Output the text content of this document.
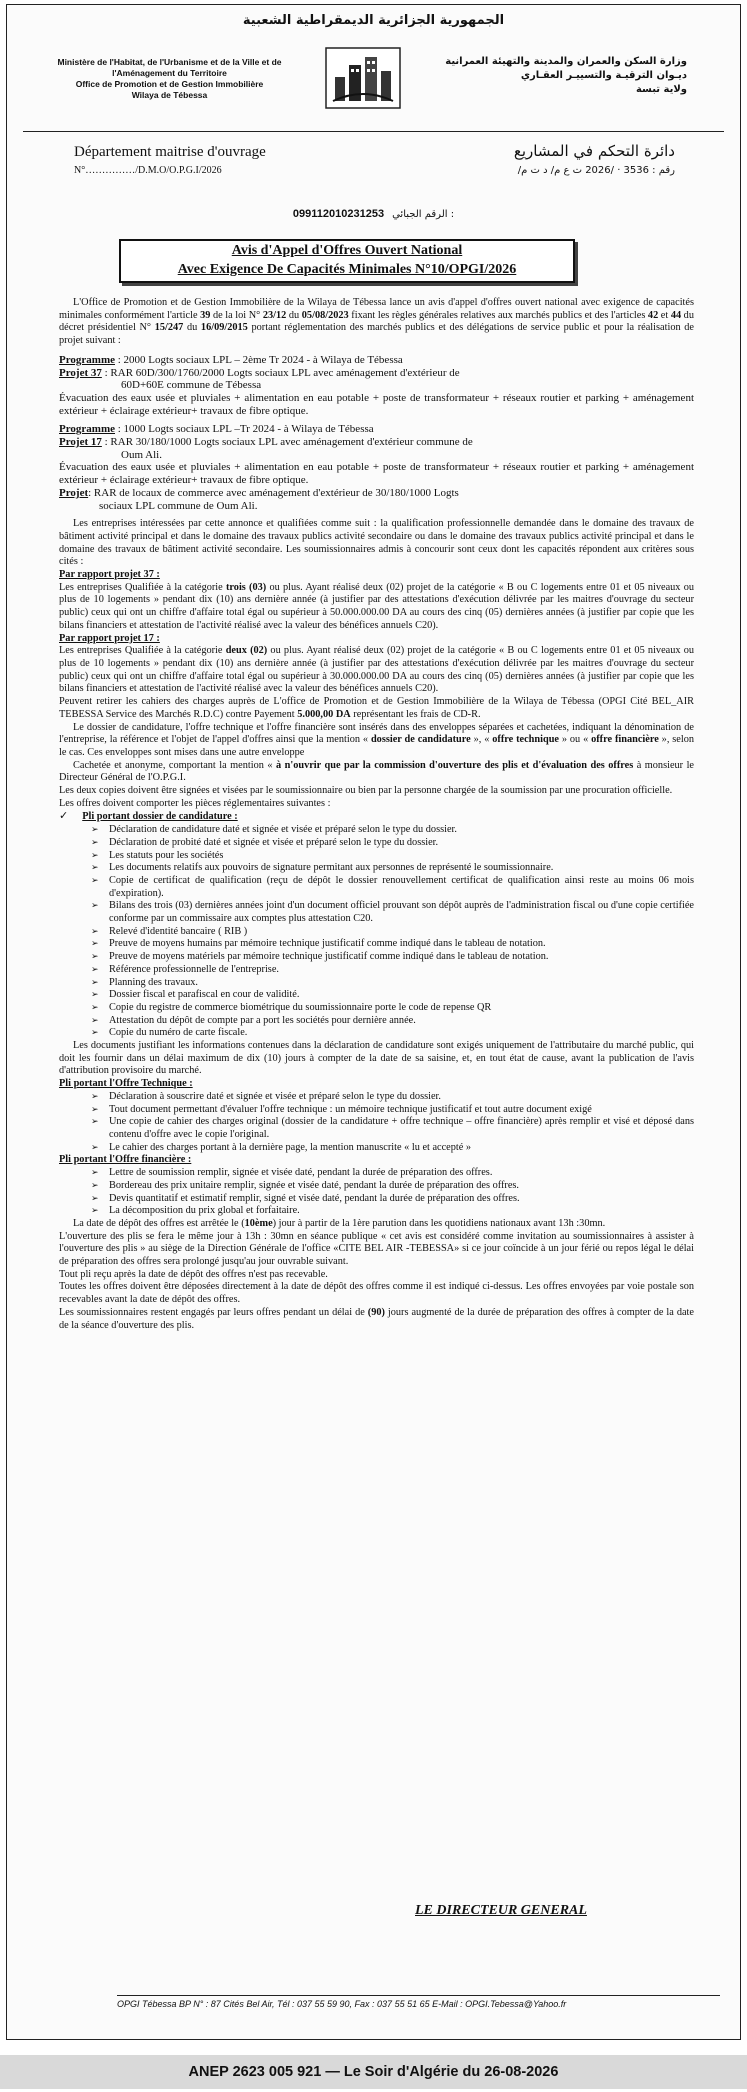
الجمهورية الجزائرية الديمقراطية الشعبية
Ministère de l'Habitat, de l'Urbanisme et de la Ville et de
l'Aménagement du Territoire
Office de Promotion et de Gestion Immobilière
Wilaya de Tébessa
وزارة السكن والعمران والمدينة والتهيئة العمرانية
ديـوان الترقيـة والتسييـر العقـاري
ولاية تبسة
Département maitrise d'ouvrage
N°……………/D.M.O/O.P.G.I/2026
دائرة التحكم في المشاريع
رقم : 3536 · /2026 ت ع م/ د ت م/
099112010231253 الرقم الجبائي :
Avis d'Appel d'Offres Ouvert National
Avec Exigence De Capacités Minimales N°10/OPGI/2026

L'Office de Promotion et de Gestion Immobilière de la Wilaya de Tébessa lance un avis d'appel d'offres ouvert national avec exigence de capacités minimales conformément l'article 39 de la loi N° 23/12 du 05/08/2023 fixant les règles générales relatives aux marchés publics et des l'articles 42 et 44 du décret présidentiel N° 15/247 du 16/09/2015 portant réglementation des marchés publics et des délégations de service public et pour la réalisation de projet suivant :

Programme : 2000 Logts sociaux LPL – 2ème Tr 2024 - à Wilaya de Tébessa

Projet 37 : RAR 60D/300/1760/2000 Logts sociaux LPL avec aménagement d'extérieur de

60D+60E commune de Tébessa

Évacuation des eaux usée et pluviales + alimentation en eau potable + poste de transformateur + réseaux routier et parking + aménagement extérieur + éclairage extérieur+ travaux de fibre optique.

Programme : 1000 Logts sociaux LPL –Tr 2024 - à Wilaya de Tébessa

Projet 17 : RAR 30/180/1000 Logts sociaux LPL avec aménagement d'extérieur commune de

Oum Ali.

Évacuation des eaux usée et pluviales + alimentation en eau potable + poste de transformateur + réseaux routier et parking + aménagement extérieur + éclairage extérieur+ travaux de fibre optique.

Projet: RAR de locaux de commerce avec aménagement d'extérieur de 30/180/1000 Logts

sociaux LPL commune de Oum Ali.

Les entreprises intéressées par cette annonce et qualifiées comme suit : la qualification professionnelle demandée dans le domaine des travaux de bâtiment activité principal et dans le domaine des travaux publics activité secondaire ou dans le domaine des travaux publics activité principal et dans le domaine des travaux de bâtiment activité secondaire. Les soumissionnaires admis à concourir sont ceux dont les capacités répondent aux critères sous cités :

Par rapport projet 37 :

Les entreprises Qualifiée à la catégorie trois (03) ou plus. Ayant réalisé deux (02) projet de la catégorie « B ou C logements entre 01 et 05 niveaux ou plus de 10 logements » pendant dix (10) ans dernière année (à justifier par des attestations d'exécution délivrée par les maitres d'ouvrage du secteur public) ceux qui ont un chiffre d'affaire total égal ou supérieur à 50.000.000.00 DA au cours des cinq (05) dernières années (à justifier par copie que les bilans financiers et attestation de l'activité réalisé avec la valeur des bénéfices annuels C20).

Par rapport projet 17 :

Les entreprises Qualifiée à la catégorie deux (02) ou plus. Ayant réalisé deux (02) projet de la catégorie « B ou C logements entre 01 et 05 niveaux ou plus de 10 logements » pendant dix (10) ans dernière année (à justifier par des attestations d'exécution délivrée par les maitres d'ouvrage du secteur public) ceux qui ont un chiffre d'affaire total égal ou supérieur à 30.000.000.00 DA au cours des cinq (05) dernières années (à justifier par copie que les bilans financiers et attestation de l'activité réalisé avec la valeur des bénéfices annuels C20).

Peuvent retirer les cahiers des charges auprès de L'office de Promotion et de Gestion Immobilière de la Wilaya de Tébessa (OPGI Cité BEL_AIR TEBESSA Service des Marchés R.D.C) contre Payement 5.000,00 DA représentant les frais de CD-R.

Le dossier de candidature, l'offre technique et l'offre financière sont insérés dans des enveloppes séparées et cachetées, indiquant la dénomination de l'entreprise, la référence et l'objet de l'appel d'offres ainsi que la mention « dossier de candidature », « offre technique » ou « offre financière », selon le cas. Ces enveloppes sont mises dans une autre enveloppe

Cachetée et anonyme, comportant la mention « à n'ouvrir que par la commission d'ouverture des plis et d'évaluation des offres à monsieur le Directeur Général de l'O.P.G.I.

Les deux copies doivent être signées et visées par le soumissionnaire ou bien par la personne chargée de la soumission par une procuration officielle.

Les offres doivent comporter les pièces réglementaires suivantes :

✓ Pli portant dossier de candidature :

➢ Déclaration de candidature daté et signée et visée et préparé selon le type du dossier.
➢ Déclaration de probité daté et signée et visée et préparé selon le type du dossier.
➢ Les statuts pour les sociétés
➢ Les documents relatifs aux pouvoirs de signature permitant aux personnes de représenté le soumissionnaire.
➢ Copie de certificat de qualification (reçu de dépôt le dossier renouvellement certificat de qualification ainsi reste au moins 06 mois d'expiration).
➢ Bilans des trois (03) dernières années joint d'un document officiel prouvant son dépôt auprès de l'administration fiscal ou d'une copie certifiée conforme par un commissaire aux comptes plus attestation C20.
➢ Relevé d'identité bancaire ( RIB )
➢ Preuve de moyens humains par mémoire technique justificatif comme indiqué dans le tableau de notation.
➢ Preuve de moyens matériels par mémoire technique justificatif comme indiqué dans le tableau de notation.
➢ Référence professionnelle de l'entreprise.
➢ Planning des travaux.
➢ Dossier fiscal et parafiscal en cour de validité.
➢ Copie du registre de commerce biométrique du soumissionnaire porte le code de repense QR
➢ Attestation du dépôt de compte par a port les sociétés pour dernière année.
➢ Copie du numéro de carte fiscale.

Les documents justifiant les informations contenues dans la déclaration de candidature sont exigés uniquement de l'attributaire du marché public, qui doit les fournir dans un délai maximum de dix (10) jours à compter de la date de sa saisine, et, en tout état de cause, avant la publication de l'avis d'attribution provisoire du marché.

Pli portant l'Offre Technique :

➢ Déclaration à souscrire daté et signée et visée et préparé selon le type du dossier.
➢ Tout document permettant d'évaluer l'offre technique : un mémoire technique justificatif et tout autre document exigé
➢ Une copie de cahier des charges original (dossier de la candidature + offre technique – offre financière) après remplir et visé et déposé dans contenu d'offre avec le copie l'original.
➢ Le cahier des charges portant à la dernière page, la mention manuscrite « lu et accepté »

Pli portant l'Offre financière :

➢ Lettre de soumission remplir, signée et visée daté, pendant la durée de préparation des offres.
➢ Bordereau des prix unitaire remplir, signée et visée daté, pendant la durée de préparation des offres.
➢ Devis quantitatif et estimatif remplir, signé et visée daté, pendant la durée de préparation des offres.
➢ La décomposition du prix global et forfaitaire.

La date de dépôt des offres est arrêtée le (10ème) jour à partir de la 1ère parution dans les quotidiens nationaux avant 13h :30mn.

L'ouverture des plis se fera le même jour à 13h : 30mn en séance publique « cet avis est considéré comme invitation au soumissionnaires à assister à l'ouverture des plis » au siège de la Direction Générale de l'office «CITE BEL AIR -TEBESSA» si ce jour coïncide à un jour férié ou repos légal le délai de préparation des offres sera prolongé jusqu'au jour ouvrable suivant.

Tout pli reçu après la date de dépôt des offres n'est pas recevable.

Toutes les offres doivent être déposées directement à la date de dépôt des offres comme il est indiqué ci-dessus. Les offres envoyées par voie postale son recevables avant la date de dépôt des offres.

Les soumissionnaires restent engagés par leurs offres pendant un délai de (90) jours augmenté de la durée de préparation des offres à compter de la date de la séance d'ouverture des plis.

LE DIRECTEUR GENERAL
OPGI Tébessa BP N° : 87 Cités Bel Air, Tél : 037 55 59 90, Fax : 037 55 51 65 E-Mail : OPGI.Tebessa@Yahoo.fr
ANEP 2623 005 921 — Le Soir d'Algérie du 26-08-2026
